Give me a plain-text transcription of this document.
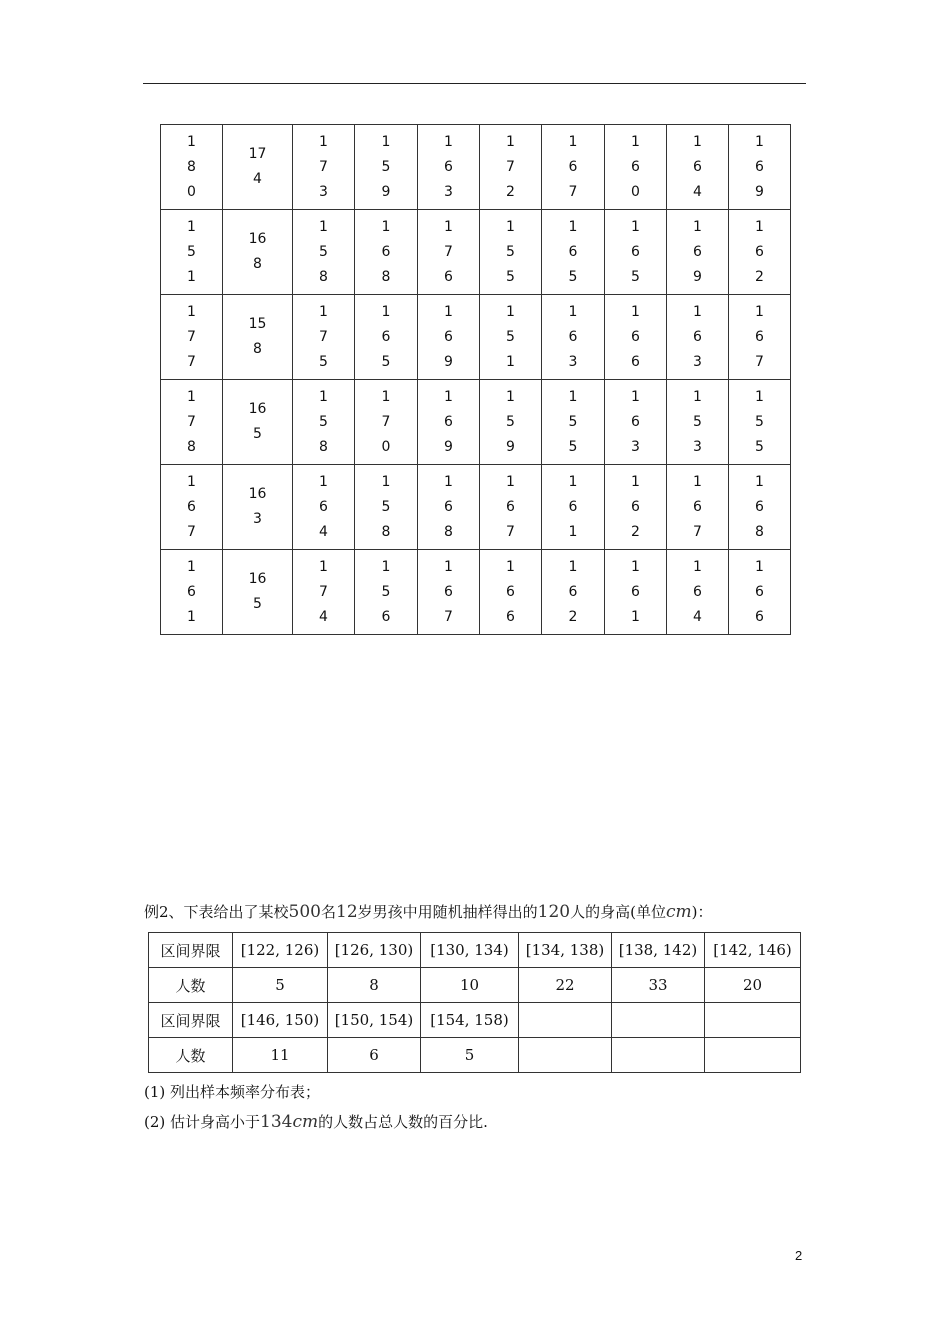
180	174	173	159	163	172	167	160	164	169
151	168	158	168	176	155	165	165	169	162
177	158	175	165	169	151	163	166	163	167
178	165	158	170	169	159	155	163	153	155
167	163	164	158	168	167	161	162	167	168
161	165	174	156	167	166	162	161	164	166
例2、下表给出了某校500名12岁男孩中用随机抽样得出的120人的身高(单位cm)：
区间界限	[122, 126)	[126, 130)	[130, 134)	[134, 138)	[138, 142)	[142, 146)
人数	5	8	10	22	33	20
区间界限	[146, 150)	[150, 154)	[154, 158)			
人数	11	6	5			
(1) 列出样本频率分布表；
(2) 估计身高小于134cm的人数占总人数的百分比.
2
